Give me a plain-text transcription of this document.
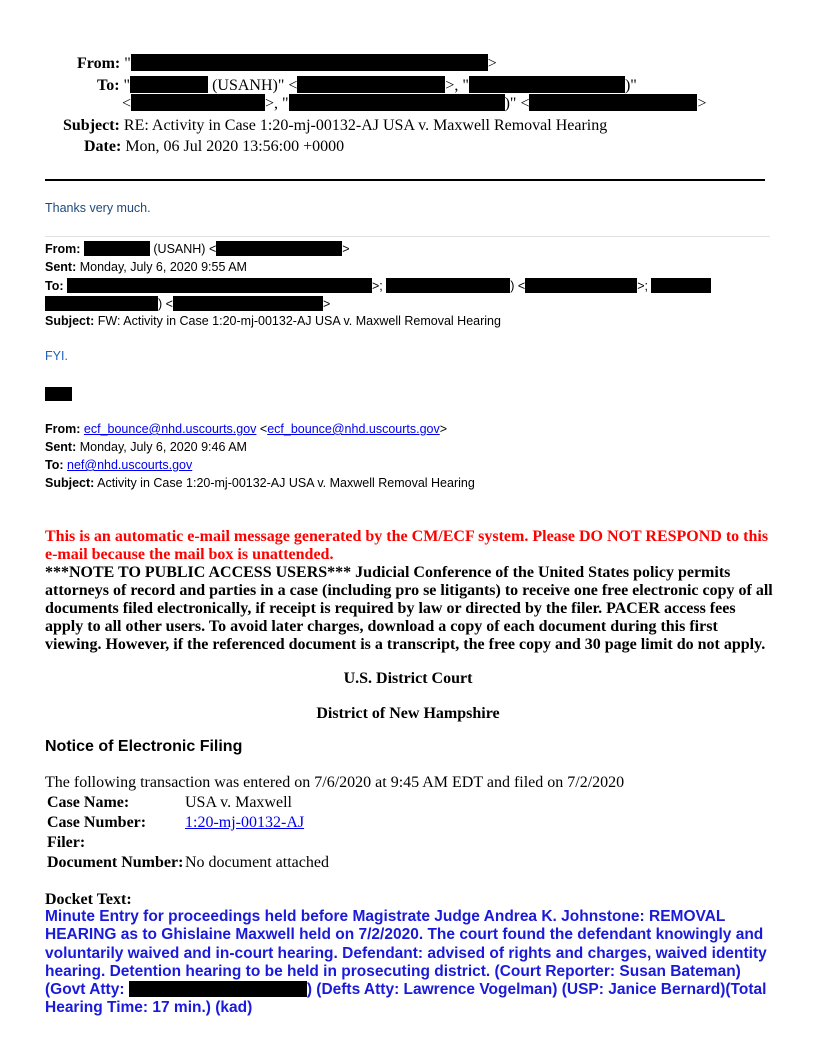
From: "	>
To: "	(USANH)" <	>, "	)"
<	>, "	)" <	>
Subject: RE: Activity in Case 1:20-mj-00132-AJ USA v. Maxwell Removal Hearing
Date: Mon, 06 Jul 2020 13:56:00 +0000
Thanks very much.
From:	(USANH) <	>
Sent: Monday, July 6, 2020 9:55 AM
To:	>;	) <	>;
) <	>
Subject: FW: Activity in Case 1:20-mj-00132-AJ USA v. Maxwell Removal Hearing
FYI.
From: ecf_bounce@nhd.uscourts.gov <ecf_bounce@nhd.uscourts.gov>
Sent: Monday, July 6, 2020 9:46 AM
To: nef@nhd.uscourts.gov
Subject: Activity in Case 1:20-mj-00132-AJ USA v. Maxwell Removal Hearing
This is an automatic e-mail message generated by the CM/ECF system. Please DO NOT RESPOND to this e-mail because the mail box is unattended.
***NOTE TO PUBLIC ACCESS USERS*** Judicial Conference of the United States policy permits attorneys of record and parties in a case (including pro se litigants) to receive one free electronic copy of all documents filed electronically, if receipt is required by law or directed by the filer. PACER access fees apply to all other users. To avoid later charges, download a copy of each document during this first viewing. However, if the referenced document is a transcript, the free copy and 30 page limit do not apply.
U.S. District Court
District of New Hampshire
Notice of Electronic Filing
The following transaction was entered on 7/6/2020 at 9:45 AM EDT and filed on 7/2/2020
Case Name:	USA v. Maxwell
Case Number: 1:20-mj-00132-AJ
Filer:
Document Number: No document attached
Docket Text:
Minute Entry for proceedings held before Magistrate Judge Andrea K. Johnstone: REMOVAL HEARING as to Ghislaine Maxwell held on 7/2/2020. The court found the defendant knowingly and voluntarily waived and in-court hearing. Defendant: advised of rights and charges, waived identity hearing. Detention hearing to be held in prosecuting district. (Court Reporter: Susan Bateman) (Govt Atty:	) (Defts Atty: Lawrence Vogelman) (USP: Janice Bernard)(Total Hearing Time: 17 min.) (kad)
